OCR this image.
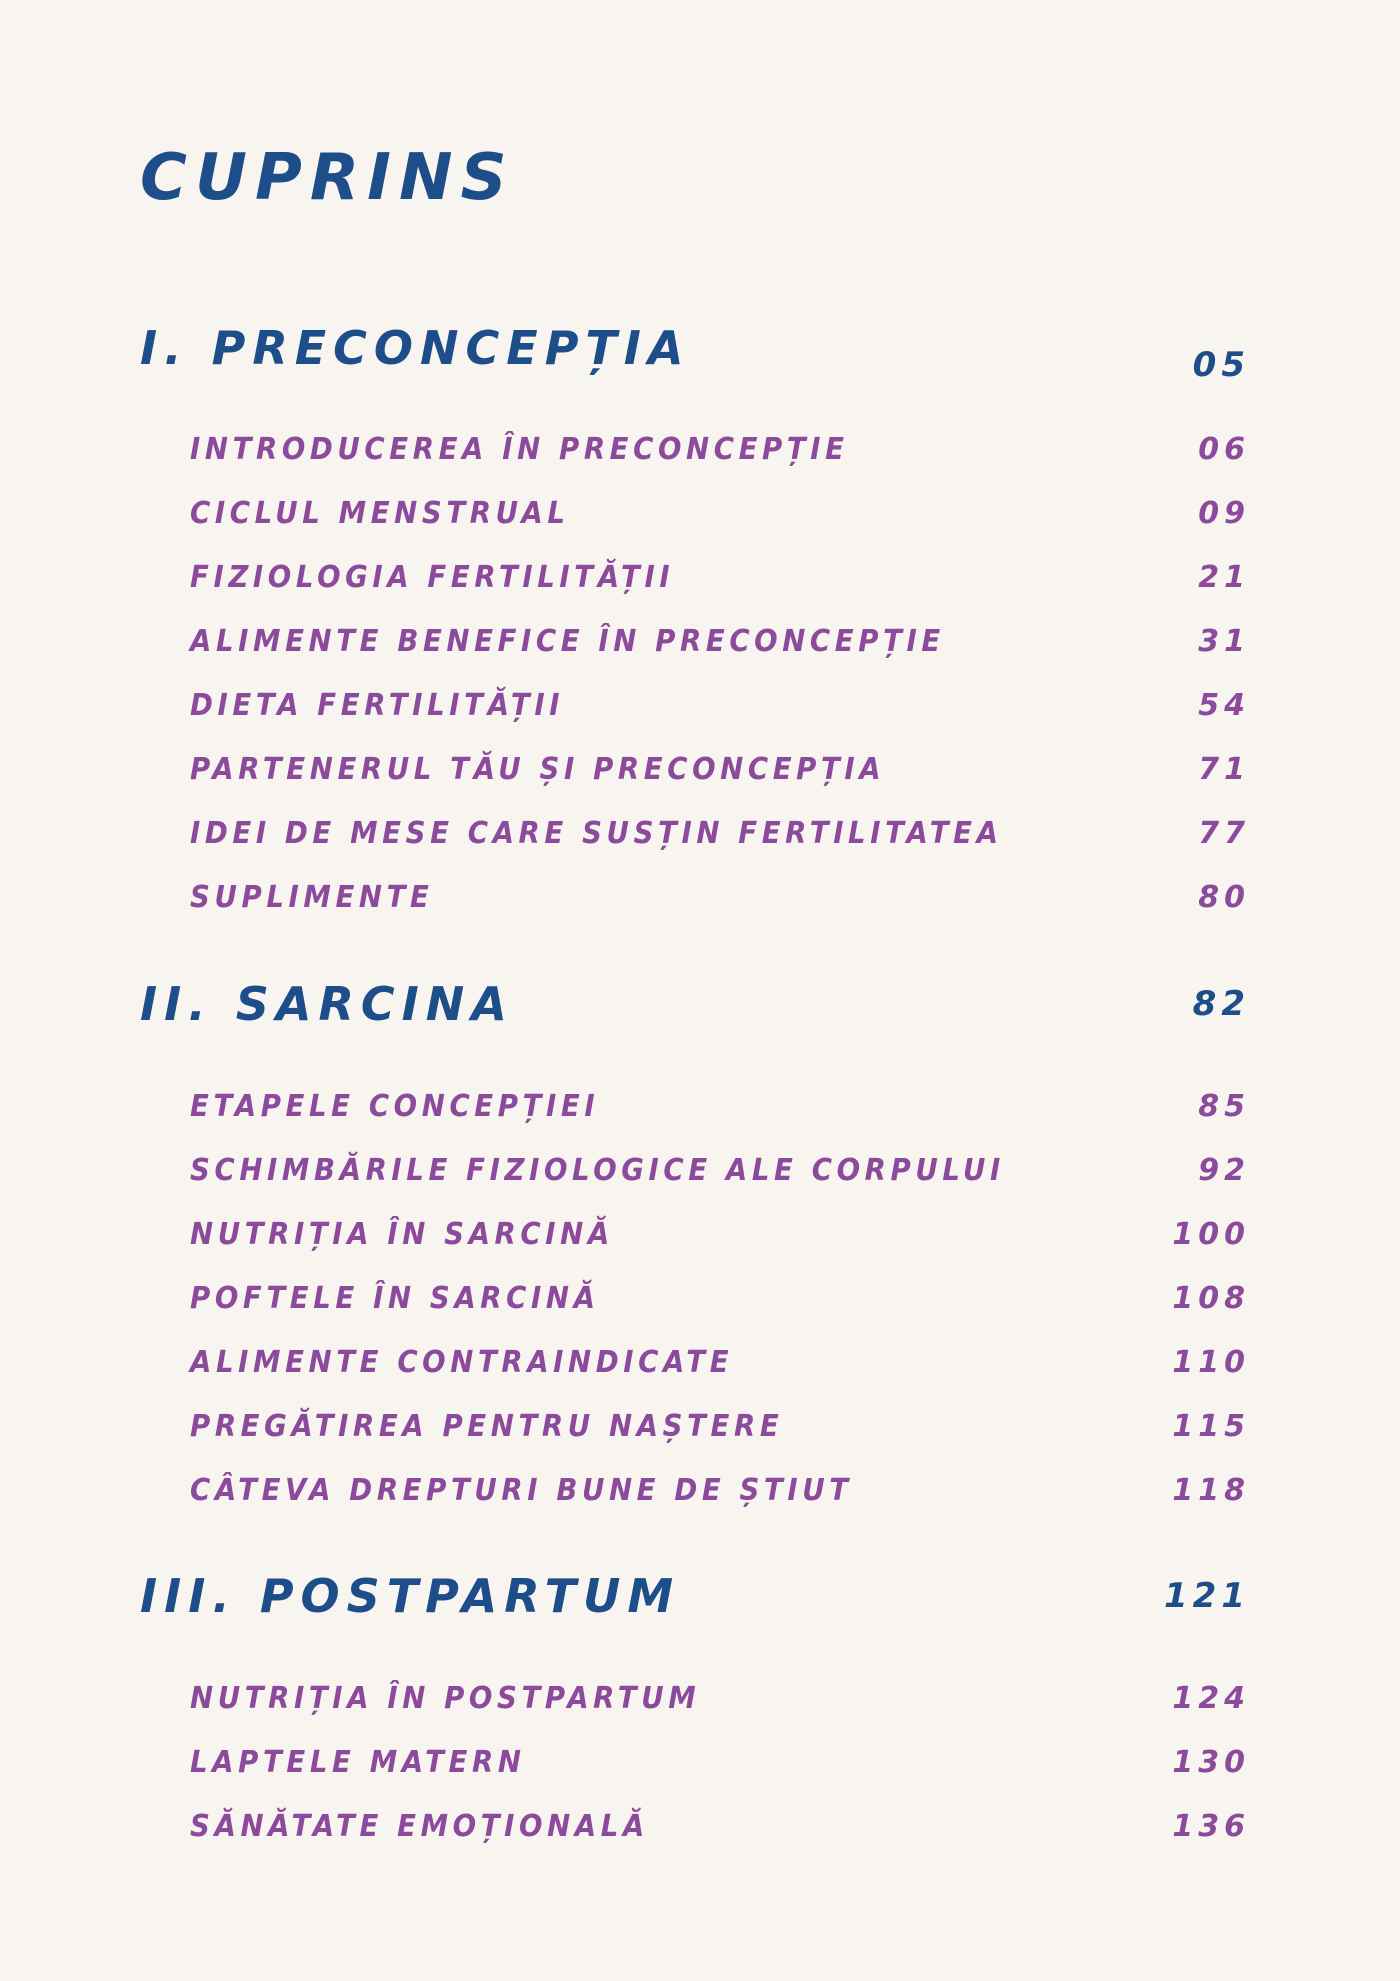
CUPRINS
I. PRECONCEPȚIA	05
INTRODUCEREA ÎN PRECONCEPȚIE	06
CICLUL MENSTRUAL	09
FIZIOLOGIA FERTILITĂȚII	21
ALIMENTE BENEFICE ÎN PRECONCEPȚIE	31
DIETA FERTILITĂȚII	54
PARTENERUL TĂU ȘI PRECONCEPȚIA	71
IDEI DE MESE CARE SUSȚIN FERTILITATEA	77
SUPLIMENTE	80
II. SARCINA	82
ETAPELE CONCEPȚIEI	85
SCHIMBĂRILE FIZIOLOGICE ALE CORPULUI	92
NUTRIȚIA ÎN SARCINĂ	100
POFTELE ÎN SARCINĂ	108
ALIMENTE CONTRAINDICATE	110
PREGĂTIREA PENTRU NAȘTERE	115
CÂTEVA DREPTURI BUNE DE ȘTIUT	118
III. POSTPARTUM	121
NUTRIȚIA ÎN POSTPARTUM	124
LAPTELE MATERN	130
SĂNĂTATE EMOȚIONALĂ	136
